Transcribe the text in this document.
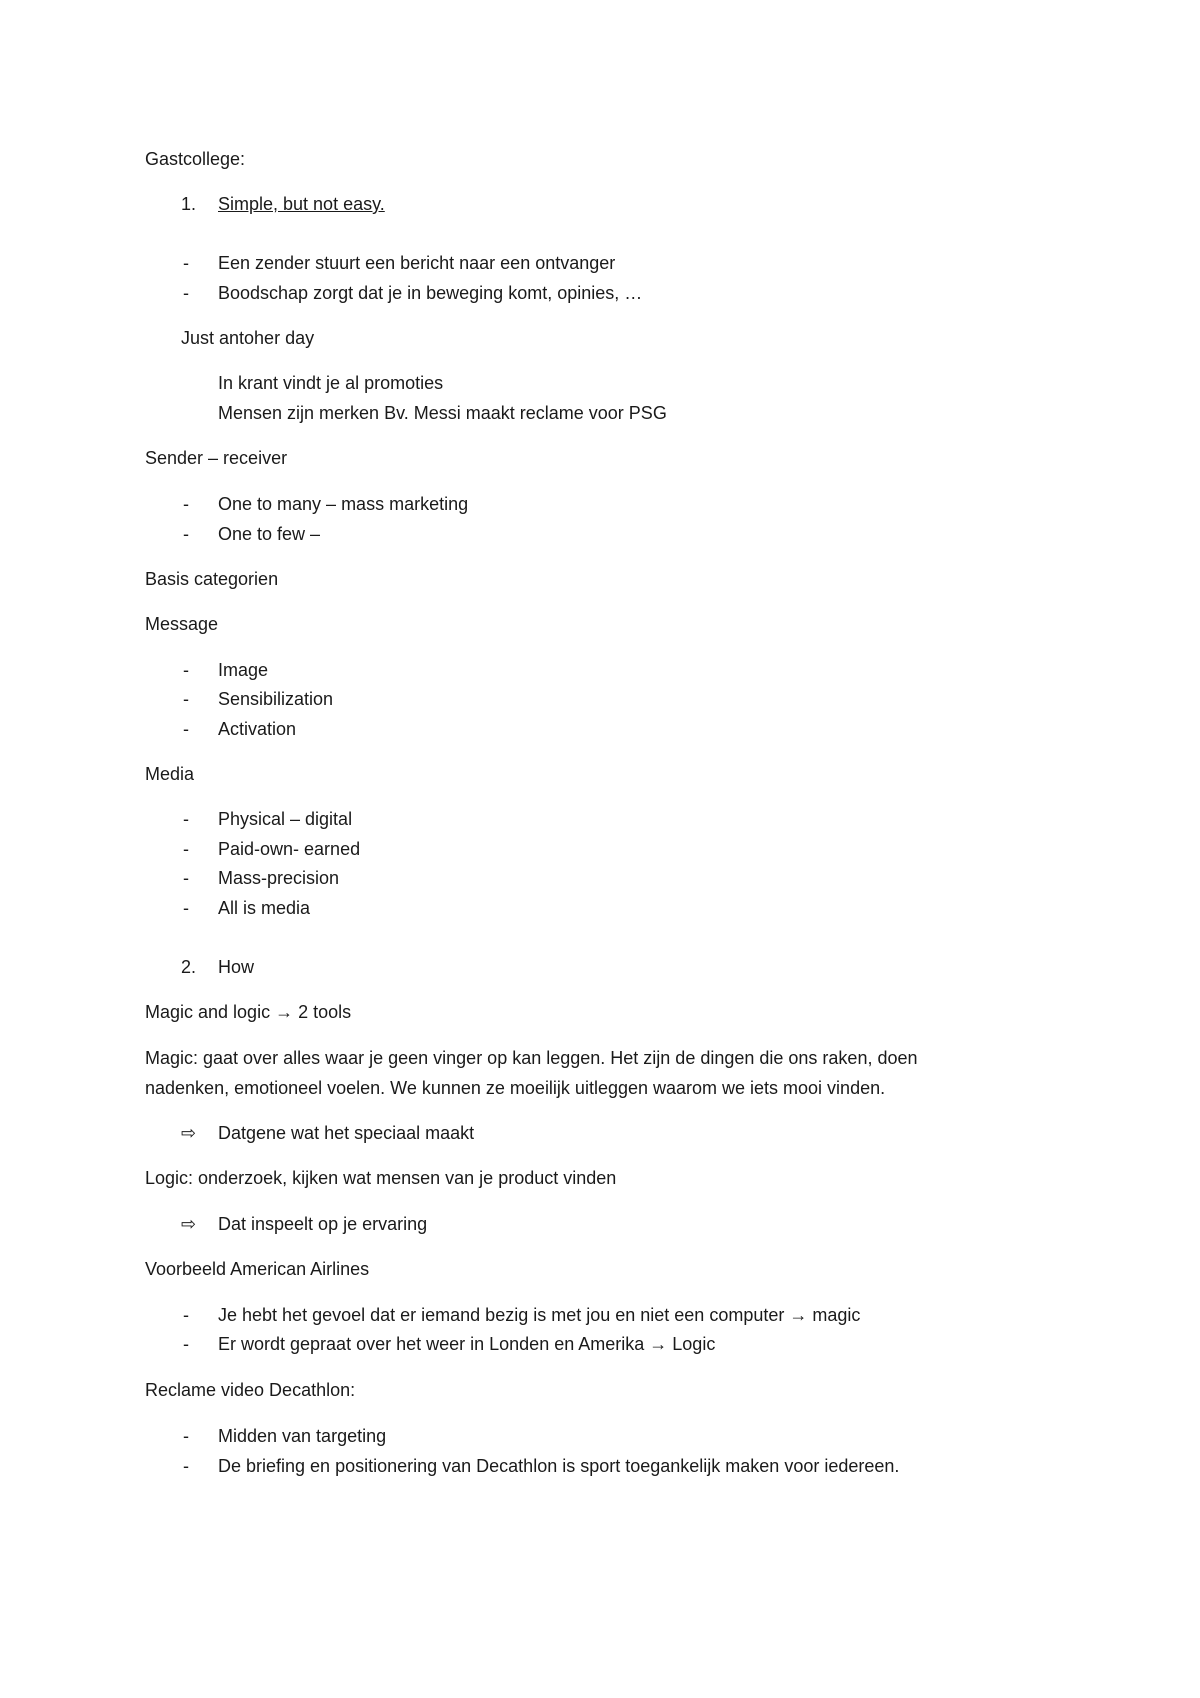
Gastcollege:
1. Simple, but not easy.
- Een zender stuurt een bericht naar een ontvanger
- Boodschap zorgt dat je in beweging komt, opinies, …
Just antoher day
In krant vindt je al promoties
Mensen zijn merken Bv. Messi maakt reclame voor PSG
Sender – receiver
- One to many – mass marketing
- One to few –
Basis categorien
Message
- Image
- Sensibilization
- Activation
Media
- Physical – digital
- Paid-own- earned
- Mass-precision
- All is media
2. How
Magic and logic → 2 tools
Magic: gaat over alles waar je geen vinger op kan leggen. Het zijn de dingen die ons raken, doen
nadenken, emotioneel voelen. We kunnen ze moeilijk uitleggen waarom we iets mooi vinden.
⇨ Datgene wat het speciaal maakt
Logic: onderzoek, kijken wat mensen van je product vinden
⇨ Dat inspeelt op je ervaring
Voorbeeld American Airlines
- Je hebt het gevoel dat er iemand bezig is met jou en niet een computer → magic
- Er wordt gepraat over het weer in Londen en Amerika → Logic
Reclame video Decathlon:
- Midden van targeting
- De briefing en positionering van Decathlon is sport toegankelijk maken voor iedereen.
